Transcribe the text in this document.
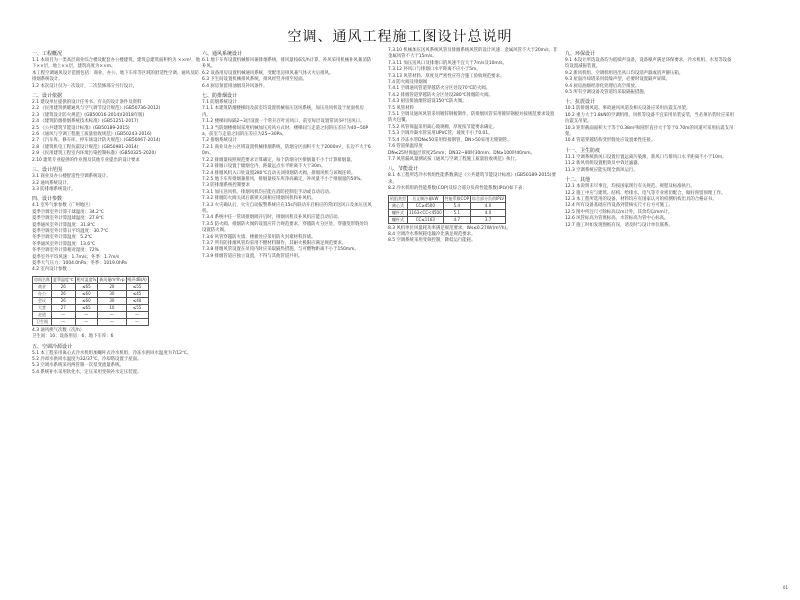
空调、通风工程施工图设计总说明
一、工程概况
1.1 本项目为一类高层商业综合楼及配套办公楼建筑，建筑总建筑面积约为 ××m²，地下××层，地上××层，建筑高度为××m。
本工程空调通风设计范围包括：商业、办公、地下车库等区域的舒适性空调、通风及防排烟系统设计。
1.2 本次设计仅为一次设计，二次装修部分另行设计。
二、设计依据
2.1 建设单位提供的设计任务书、有关的设计条件及资料
2.2 《民用建筑供暖通风与空气调节设计规范》(GB50736-2012)
2.3 《建筑设计防火规范》(GB50016-2014)(2018年版)
2.4 《建筑防烟排烟系统技术标准》(GB51251-2017)
2.5 《公共建筑节能设计标准》(GB50189-2015)
2.6 《通风与空调工程施工质量验收规范》(GB50243-2016)
2.7 《汽车库、修车库、停车场设计防火规范》(GB50067-2014)
2.8 《建筑机电工程抗震设计规范》(GB50981-2014)
2.9 《民用建筑工程室内环境污染控制标准》(GB50325-2020)
2.10 建筑专业提供的作业图及其他专业提出的设计要求
三、设计范围
3.1 商业及办公楼舒适性空调系统设计。
3.2 通风系统设计。
3.3 防排烟系统设计。
四、设计参数
4.1 室外气象参数（广州地区）
夏季空调室外计算干球温度：34.2℃
夏季空调室外计算湿球温度：27.8℃
夏季通风室外计算温度：31.8℃
夏季空调室外计算日平均温度：30.7℃
冬季空调室外计算温度：5.2℃
冬季通风室外计算温度：13.6℃
冬季空调室外计算相对湿度：72%
夏季室外平均风速：1.7m/s；冬季：1.7m/s
夏季大气压力：1004.0hPa；冬季：1019.0hPa
4.2 室内设计参数
房间名称	夏季温度℃	相对湿度%	新风量m³/h·p	噪声dB(A)
商业	26	≤65	20	≤55
办公	26	≤60	30	≤45
会议	26	≤60	30	≤40
大堂	27	≤65	10	≤55
走道	—	—	—	—
卫生间	—	—	—	—
4.3 通风换气次数（次/h）
卫生间：10；设备用房：6；地下车库：6
五、空调冷源设计
5.1 本工程采用离心式冷水机组加螺杆式冷水机组，冷冻水供回水温度为7/12℃。
5.2 冷却水供回水温度为32/37℃，冷却塔设置于屋面。
5.3 空调水系统采用两管制一次泵变流量系统。
5.4 系统补水采用软化水，定压采用变频补水定压装置。
六、通风系统设计
6.1 地下车库设置机械排风兼排烟系统，排风量按6次/h计算，补风采用机械补风兼消防补风。
6.2 设备用房设置机械通风系统，变配电房排风兼气体灭火后排风。
6.3 卫生间设置机械排风系统，排风经竖井排至屋面。
6.4 厨房预留排油烟及补风条件。
七、防排烟设计
7.1 防烟系统设计
7.1.1 本建筑防烟楼梯间及前室均设置机械加压送风系统，加压送风机设于屋面机房内。
7.1.2 楼梯间每隔2~3层设置一个常开百叶送风口，前室每层设置常闭多叶送风口。
7.1.3 当防烟楼梯间采用机械加压送风方式时，楼梯间与走道之间的压差应为40~50Pa，前室与走道之间的压差应为25~30Pa。
7.2 排烟系统设计
7.2.1 商业及办公区域设置机械排烟系统，防烟分区面积不大于2000m²，长边不大于60m。
7.2.2 排烟量按照规范要求计算确定，每个防烟分区排烟量不小于计算排烟量。
7.2.3 排烟口设置于储烟仓内，距最远点水平距离不大于30m。
7.2.4 排烟风机入口处设置280℃自动关闭排烟防火阀，排烟风机与该阀连锁。
7.2.5 地下车库排烟兼排风，排烟量按车库净高确定，补风量不小于排烟量的50%。
7.3 防排烟系统控制要求
7.3.1 加压送风机、排烟风机均应能在消防控制室手动或自动启动。
7.3.2 排烟防火阀关闭后联锁关闭相应排烟风机和补风机。
7.3.3 火灾确认后，火灾自动报警系统应在15s内联动开启相应的常闭送风口及加压送风机。
7.3.4 系统中任一常闭排烟阀开启时，排烟风机及补风机应能自动启动。
7.3.5 防火阀、排烟防火阀的设置应符合规范要求，穿越防火分区处、穿越变形缝处均设置防火阀。
7.3.6 风管穿越防火墙、楼板处应采用防火封堵材料封堵。
7.3.7 所有防排烟风管均采用不燃材料制作，其耐火极限应满足规范要求。
7.3.8 排烟风管设置在吊顶内时应采取隔热措施，与可燃物距离不小于150mm。
7.3.9 排烟管道应独立设置，不得与其他管道共用。
7.3.10 机械加压送风系统风管及排烟系统风管的设计风速：金属风管不大于20m/s，非金属风管不大于15m/s。
7.3.11 加压送风口及排烟口的风速不宜大于7m/s及10m/s。
7.3.12 补风口与排烟口水平距离不应小于5m。
7.3.13 风管材料、厚度及严密性应符合施工验收规范要求。
7.4 防火阀及排烟阀
7.4.1 空调通风管道穿越防火分区处设70℃防火阀。
7.4.2 排烟管道穿越防火分区处设280℃排烟防火阀。
7.4.3 厨房排油烟管道设150℃防火阀。
7.5 风管材料
7.5.1 空调及通风风管采用镀锌钢板制作，防排烟风管采用镀锌钢板并按规范要求设置防火包覆。
7.5.2 风管保温采用离心玻璃棉，厚度按节能要求确定。
7.5.3 空调冷凝水管采用UPVC管，坡度不小于0.01。
7.5.4 冷冻水管DN≤50采用焊接钢管，DN>50采用无缝钢管。
7.6 管道保温厚度
DN≤25时保温层厚度25mm；DN32~80时30mm；DN≥100时40mm。
7.7 风管漏风量测试按《通风与空调工程施工质量验收规范》执行。
八、节能设计
8.1 本工程所选冷水机组性能系数满足《公共建筑节能设计标准》(GB50189-2015)要求。
8.2 冷水机组的性能系数(COP)及综合部分负荷性能系数(IPLV)如下表：
机组类型	名义制冷量kW	性能系数COP	综合部分负荷IPLV
离心式	CC≥4500	5.4	4.0
螺杆式	1163<CC<4500	5.1	4.0
螺杆式	CC≤1163	4.7	3.7
8.3 风机单位风量耗功率满足规范要求，Ws≤0.27W/(m³/h)。
8.4 空调冷水系统耗电输冷比满足规范要求。
8.5 空调系统采用变频控制，降低运行能耗。
九、环保设计
9.1 本设计所选设备均为低噪声设备，设备噪声满足环保要求，冷水机组、水泵等设备均设置减振装置。
9.2 新风机组、空调机组进出风口均设消声器或消声静压箱。
9.3 屋面冷却塔采用低噪声型，必要时设置隔声屏障。
9.4 厨房油烟经净化处理后高空排放。
9.5 所有空调设备及管道均采取隔振措施。
十、抗震设计
10.1 防排烟风道、事故通风风道及相关设备应采用抗震支吊架。
10.2 重力大于1.8kN的空调机组、风机等设备不宜采用吊装安装，当必须吊装时应采用抗震支吊架。
10.3 矩形截面面积大于等于0.38m²和圆形直径大于等于0.70m的风道可采用抗震支吊架。
10.4 管道穿越结构变形缝处应设置柔性连接。
十一、卫生防疫
11.1 空调系统新风口设置位置远离污染源，新风口与排风口水平距离不小于10m。
11.2 新风机组设置粗效及中效过滤器。
11.3 空调系统应能实现全新风运行。
十二、其他
12.1 本说明未尽事宜，均按国家现行有关规范、规程及标准执行。
12.2 施工中应与建筑、结构、给排水、电气等专业密切配合，做好预留预埋工作。
12.3 本工程所选用的设备、材料均应有国家认可的检测机构出具的合格证书。
12.4 所有设备基础应待设备到货核实尺寸后方可施工。
12.5 图中所注尺寸除标高以m计外，其余均以mm计。
12.6 风管标高为管底标高，水管标高为管中心标高。
12.7 施工时如发现图纸有误，请及时与设计单位联系。
01
